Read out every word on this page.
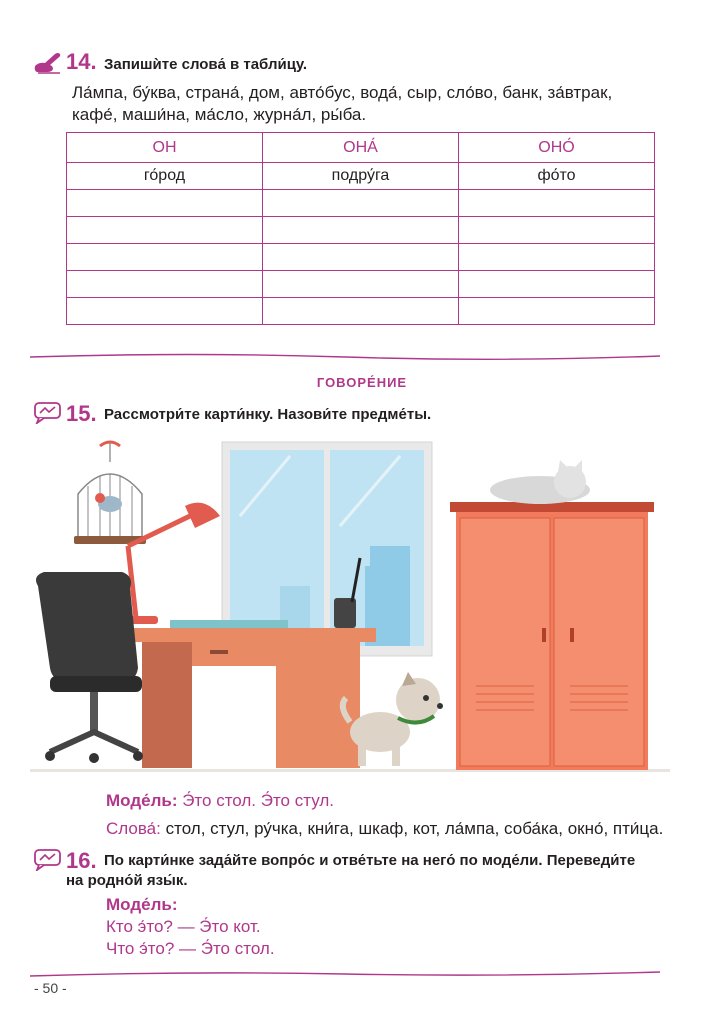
14. Запишѝте слова́ в табли́цу.
Ла́мпа, бу́ква, страна́, дом, авто́бус, вода́, сыр, сло́во, банк, за́втрак,
кафе́, маши́на, ма́сло, журна́л, ры́ба.
ОН	ОНА́	ОНО́
го́род	подру́га	фо́то

ГОВОРЕ́НИЕ
15. Рассмотри́те карти́нку. Назови́те предме́ты.
Моде́ль: Э́то стол. Э́то стул.
Слова́: стол, стул, ру́чка, кни́га, шкаф, кот, ла́мпа, соба́ка, окно́, пти́ца.
16. По карти́нке зада́йте вопро́с и отве́тьте на него́ по моде́ли. Переведи́те
на родно́й язы́к.
Моде́ль:
Кто э́то? — Э́то кот.
Что э́то? — Э́то стол.
- 50 -
